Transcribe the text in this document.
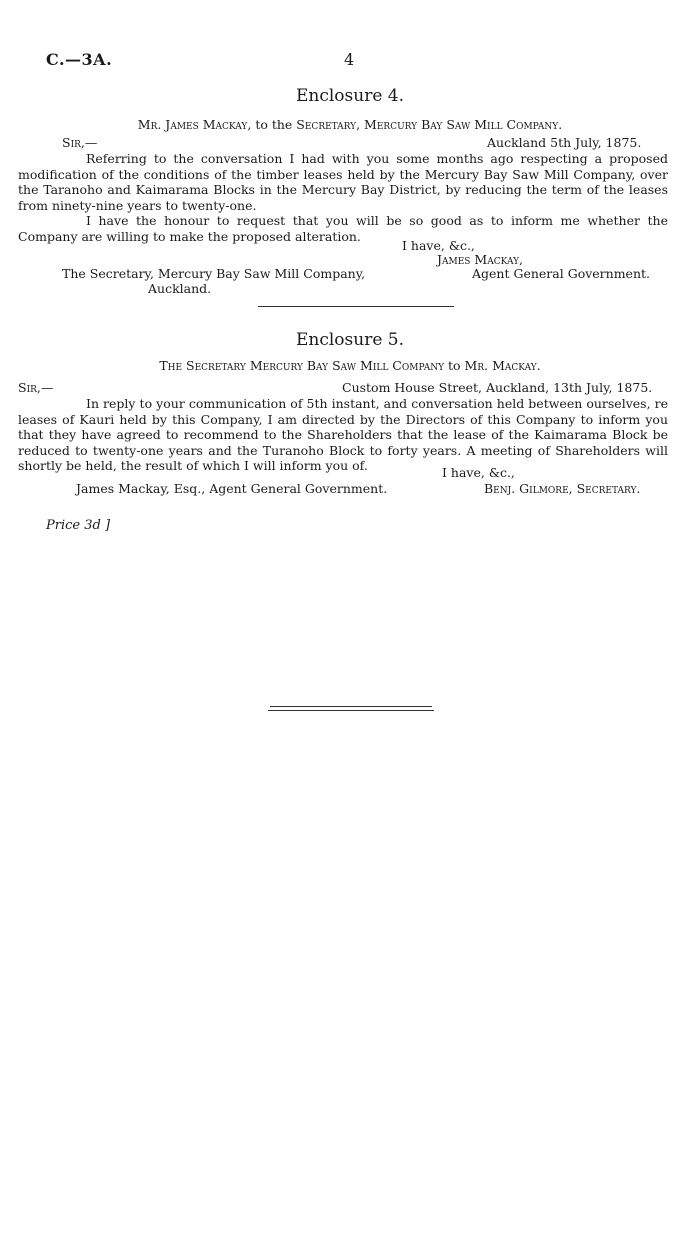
C.—3A.	4
Enclosure 4.
Mr. James Mackay, to the Secretary, Mercury Bay Saw Mill Company.
Sir,—	Auckland 5th July, 1875.
Referring to the conversation I had with you some months ago respecting a proposed modification of the conditions of the timber leases held by the Mercury Bay Saw Mill Company, over the Taranoho and Kaimarama Blocks in the Mercury Bay District, by reducing the term of the leases from ninety-nine years to twenty-one.
I have the honour to request that you will be so good as to inform me whether the Company are willing to make the proposed alteration.
I have, &c.,
James Mackay,
The Secretary, Mercury Bay Saw Mill Company,	Agent General Government.
Auckland.
Enclosure 5.
The Secretary Mercury Bay Saw Mill Company to Mr. Mackay.
Sir,—	Custom House Street, Auckland, 13th July, 1875.
In reply to your communication of 5th instant, and conversation held between ourselves, re leases of Kauri held by this Company, I am directed by the Directors of this Company to inform you that they have agreed to recommend to the Shareholders that the lease of the Kaimarama Block be reduced to twenty-one years and the Turanoho Block to forty years. A meeting of Shareholders will shortly be held, the result of which I will inform you of.	I have, &c.,
James Mackay, Esq., Agent General Government.	Benj. Gilmore, Secretary.
Price 3d ]
